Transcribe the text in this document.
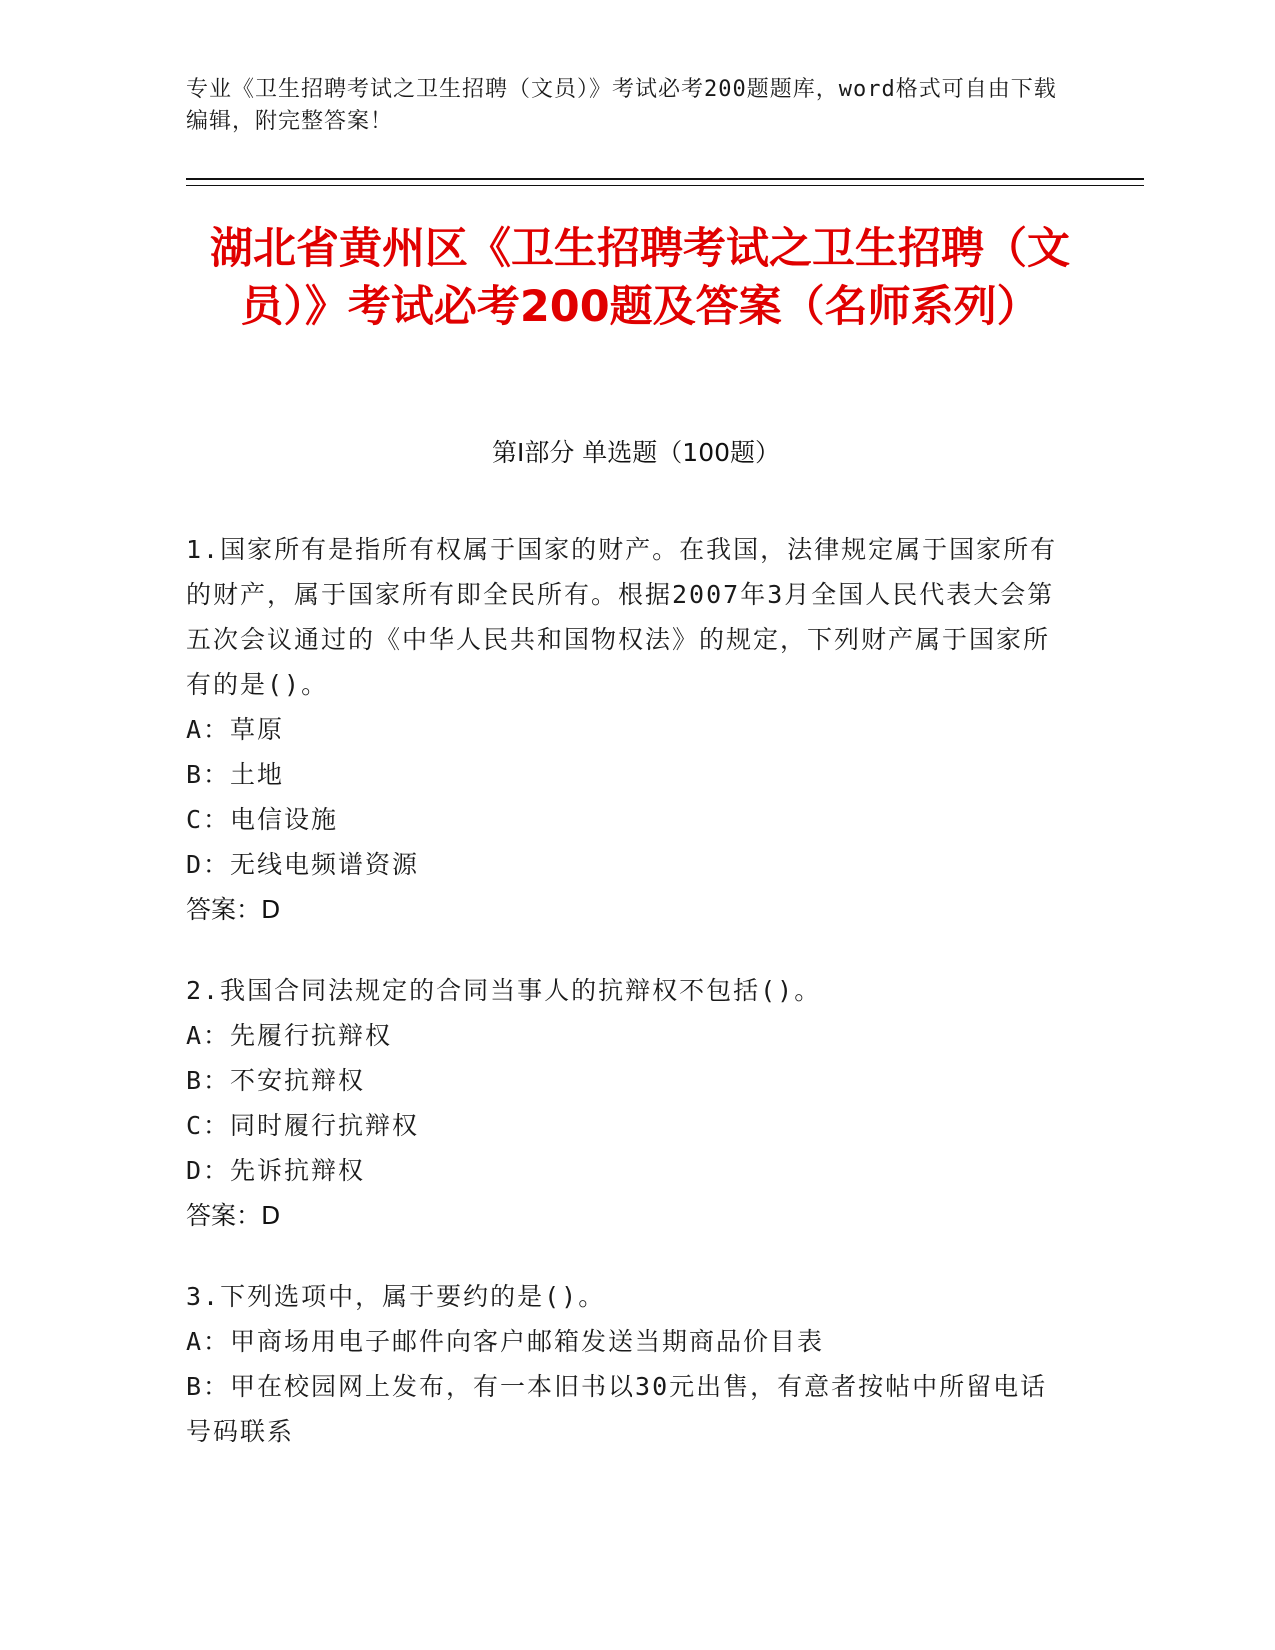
专业《卫生招聘考试之卫生招聘（文员）》考试必考200题题库，word格式可自由下载编辑，附完整答案！
湖北省黄州区《卫生招聘考试之卫生招聘（文员）》考试必考200题及答案（名师系列）
第I部分 单选题（100题）
1.国家所有是指所有权属于国家的财产。在我国，法律规定属于国家所有的财产，属于国家所有即全民所有。根据2007年3月全国人民代表大会第五次会议通过的《中华人民共和国物权法》的规定，下列财产属于国家所有的是()。
A：草原
B：土地
C：电信设施
D：无线电频谱资源
答案：D
2.我国合同法规定的合同当事人的抗辩权不包括()。
A：先履行抗辩权
B：不安抗辩权
C：同时履行抗辩权
D：先诉抗辩权
答案：D
3.下列选项中，属于要约的是()。
A：甲商场用电子邮件向客户邮箱发送当期商品价目表
B：甲在校园网上发布，有一本旧书以30元出售，有意者按帖中所留电话号码联系
